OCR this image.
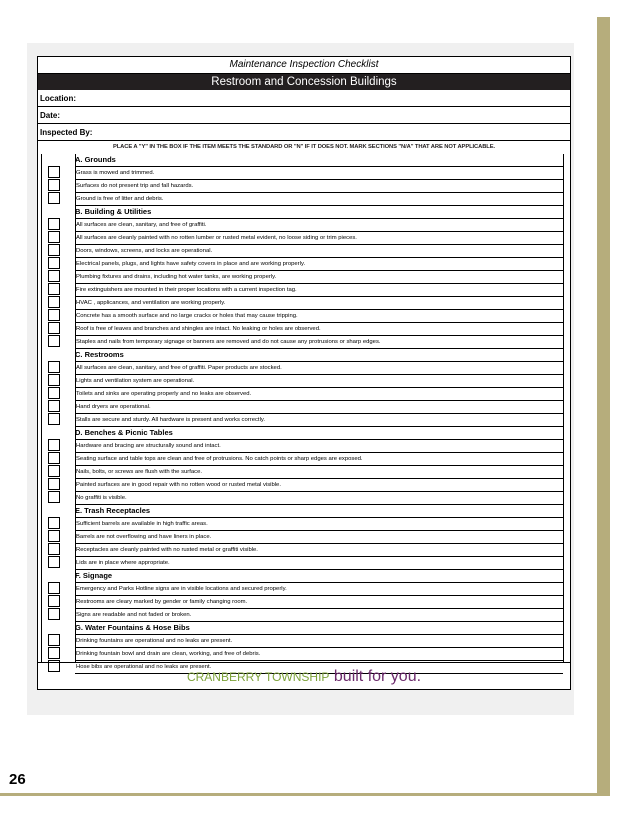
26
Maintenance Inspection Checklist
Restroom and Concession Buildings
Location:
Date:
Inspected By:
PLACE A "Y" IN THE BOX IF THE ITEM MEETS THE STANDARD OR "N" IF IT DOES NOT. MARK SECTIONS "N/A" THAT ARE NOT APPLICABLE.
A. Grounds
Grass is mowed and trimmed.
Surfaces do not present trip and fall hazards.
Ground is free of litter and debris.
B. Building & Utilities
All surfaces are clean, sanitary, and free of graffiti.
All surfaces are cleanly painted with no rotten lumber or rusted metal evident, no loose siding or trim pieces.
Doors, windows, screens, and locks are operational.
Electrical panels, plugs, and lights have safety covers in place and are working properly.
Plumbing fixtures and drains, including hot water tanks, are working properly.
Fire extinguishers are mounted in their proper locations with a current inspection tag.
HVAC , applicances, and ventilation are working properly.
Concrete has a smooth surface and no large cracks or holes that may cause tripping.
Roof is free of leaves and branches and shingles are intact. No leaking or holes are observed.
Staples and nails from temporary signage or banners are removed and do not cause any protrusions or sharp edges.
C. Restrooms
All surfaces are clean, sanitary, and free of graffiti. Paper products are stocked.
Lights and ventilation system are operational.
Toilets and sinks are operating properly and no leaks are observed.
Hand dryers are operational.
Stalls are secure and sturdy. All hardware is present and works correctly.
D. Benches & Picnic Tables
Hardware and bracing are structurally sound and intact.
Seating surface and table tops are clean and free of protrusions. No catch points or sharp edges are exposed.
Nails, bolts, or screws are flush with the surface.
Painted surfaces are in good repair with no rotten wood or rusted metal visible.
No graffiti is visible.
E. Trash Receptacles
Sufficient barrels are available in high traffic areas.
Barrels are not overflowing and have liners in place.
Receptacles are cleanly painted with no rusted metal or graffiti visible.
Lids are in place where appropriate.
F. Signage
Emergency and Parks Hotline signs are in visible locations and secured properly.
Restrooms are cleary marked by gender or family changing room.
Signs are readable and not faded or broken.
G. Water Fountains & Hose Bibs
Drinking fountains are operational and no leaks are present.
Drinking fountain bowl and drain are clean, working, and free of debris.
Hose bibs are operational and no leaks are present.
CRANBERRY TOWNSHIP built for you.
